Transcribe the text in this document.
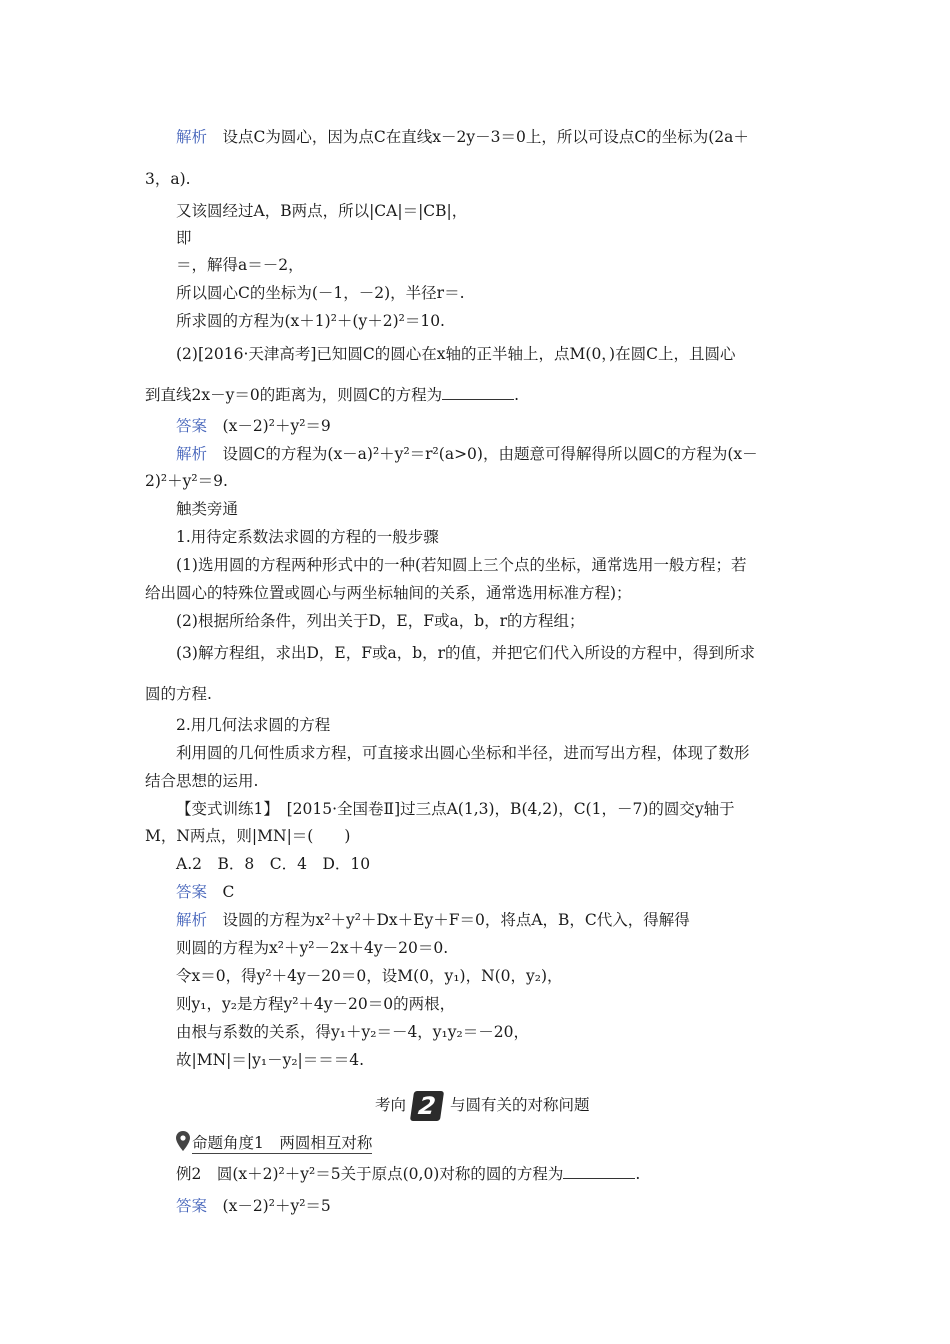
解析　 设点C为圆心，因为点C在直线x－2y－3＝0上，所以可设点C的坐标为(2a＋
3，a).
又该圆经过A，B两点，所以|CA|＝|CB|，
即
＝，解得a＝－2，
所以圆心C的坐标为(－1，－2)，半径r＝.
所求圆的方程为(x＋1)²＋(y＋2)²＝10.
(2)[2016·天津高考]已知圆C的圆心在x轴的正半轴上，点M(0，)在圆C上，且圆心
到直线2x－y＝0的距离为，则圆C的方程为	.
答案　 (x－2)²＋y²＝9
解析　 设圆C的方程为(x－a)²＋y²＝r²(a>0)，由题意可得解得所以圆C的方程为(x－
2)²＋y²＝9.
触类旁通
1.用待定系数法求圆的方程的一般步骤
(1)选用圆的方程两种形式中的一种(若知圆上三个点的坐标，通常选用一般方程；若
给出圆心的特殊位置或圆心与两坐标轴间的关系，通常选用标准方程)；
(2)根据所给条件，列出关于D，E，F或a，b，r的方程组；
(3)解方程组，求出D，E，F或a，b，r的值，并把它们代入所设的方程中，得到所求
圆的方程.
2.用几何法求圆的方程
利用圆的几何性质求方程，可直接求出圆心坐标和半径，进而写出方程，体现了数形
结合思想的运用.
【变式训练1】　[2015·全国卷Ⅱ]过三点A(1,3)，B(4,2)，C(1，－7)的圆交y轴于
M，N两点，则|MN|＝(　　)
A.2　B．8　C．4　D．10
答案　 C
解析　 设圆的方程为x²＋y²＋Dx＋Ey＋F＝0，将点A，B，C代入，得解得
则圆的方程为x²＋y²－2x＋4y－20＝0.
令x＝0，得y²＋4y－20＝0，设M(0，y₁)，N(0，y₂)，
则y₁，y₂是方程y²＋4y－20＝0的两根，
由根与系数的关系，得y₁＋y₂＝－4，y₁y₂＝－20，
故|MN|＝|y₁－y₂|＝＝＝4.
考向 2 与圆有关的对称问题
命题角度1　两圆相互对称
例2　圆(x＋2)²＋y²＝5关于原点(0,0)对称的圆的方程为	.
答案　 (x－2)²＋y²＝5
